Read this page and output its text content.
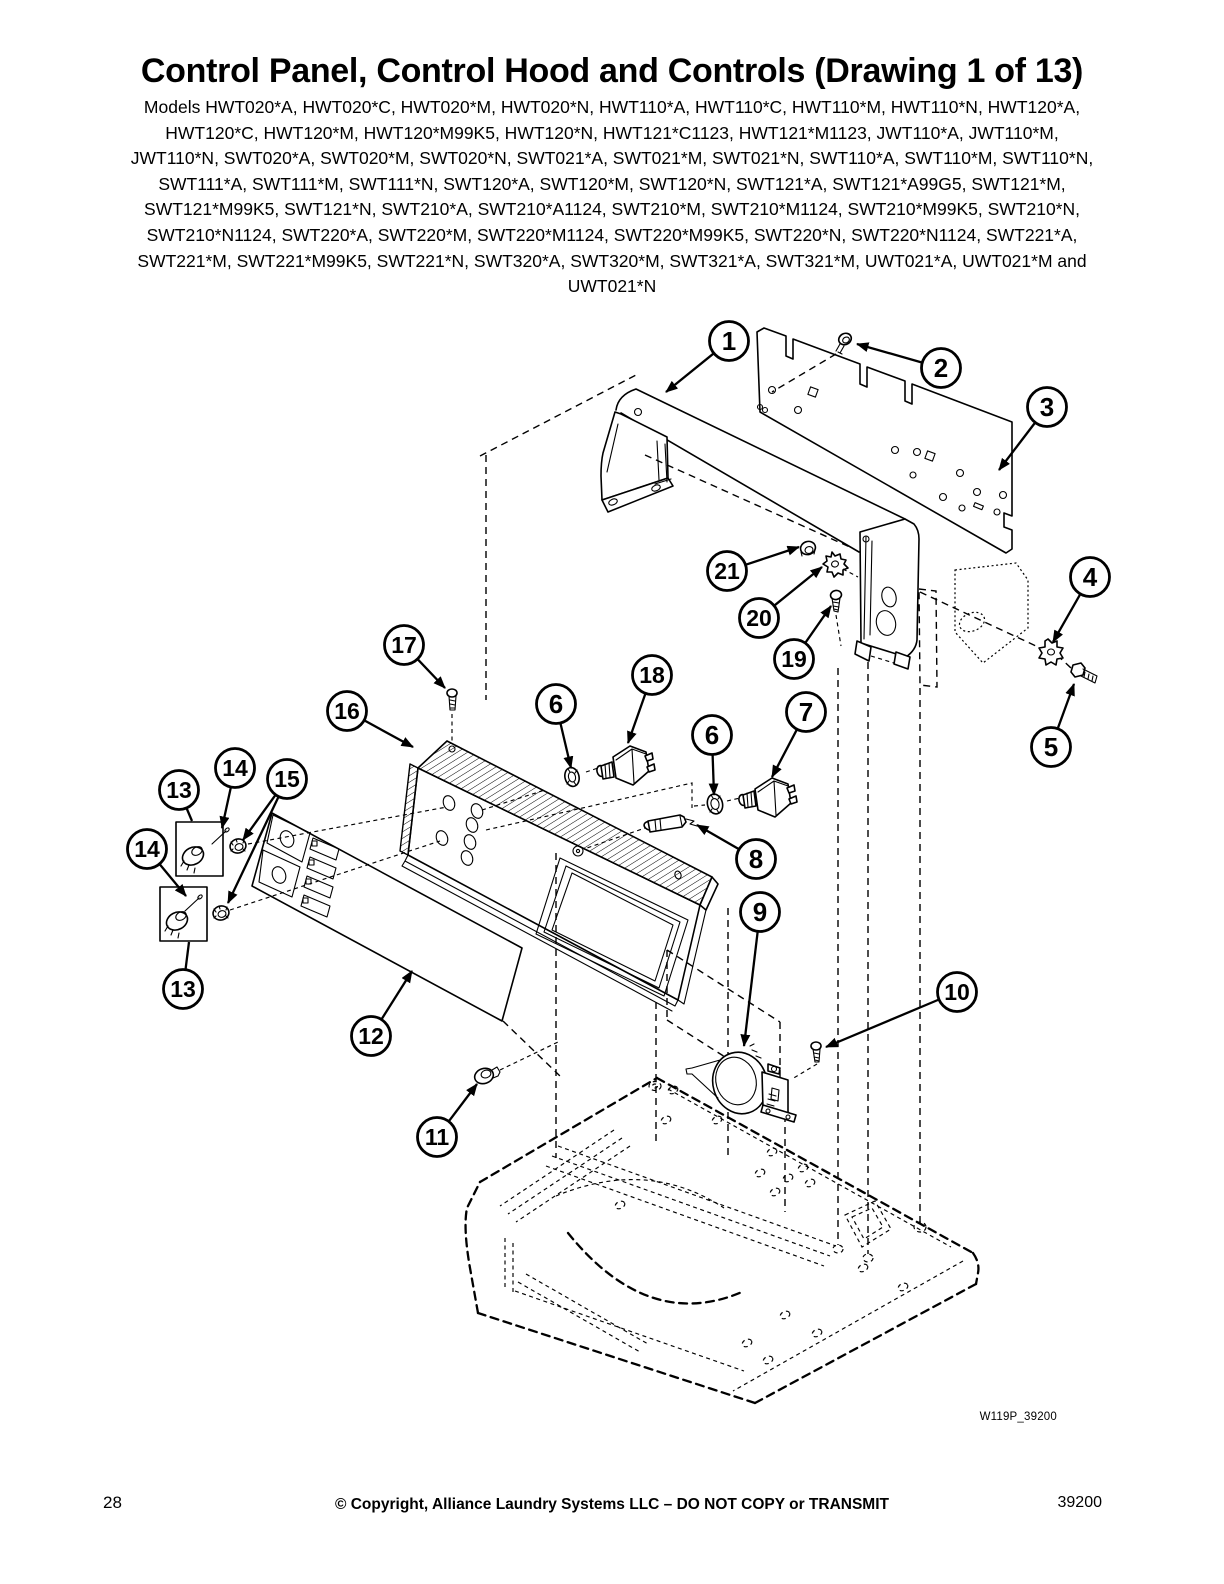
Control Panel, Control Hood and Controls (Drawing 1 of 13)
Models HWT020*A, HWT020*C, HWT020*M, HWT020*N, HWT110*A, HWT110*C, HWT110*M, HWT110*N, HWT120*A,
HWT120*C, HWT120*M, HWT120*M99K5, HWT120*N, HWT121*C1123, HWT121*M1123, JWT110*A, JWT110*M,
JWT110*N, SWT020*A, SWT020*M, SWT020*N, SWT021*A, SWT021*M, SWT021*N, SWT110*A, SWT110*M, SWT110*N,
SWT111*A, SWT111*M, SWT111*N, SWT120*A, SWT120*M, SWT120*N, SWT121*A, SWT121*A99G5, SWT121*M,
SWT121*M99K5, SWT121*N, SWT210*A, SWT210*A1124, SWT210*M, SWT210*M1124, SWT210*M99K5, SWT210*N,
SWT210*N1124, SWT220*A, SWT220*M, SWT220*M1124, SWT220*M99K5, SWT220*N, SWT220*N1124, SWT221*A,
SWT221*M, SWT221*M99K5, SWT221*N, SWT320*A, SWT320*M, SWT321*A, SWT321*M, UWT021*A, UWT021*M and
UWT021*N
1
2
3
4
5
6
18
6
7
8
9
10
11
12
13
13
14
14
15
16
17
19
20
21
W119P_39200
28	© Copyright, Alliance Laundry Systems LLC – DO NOT COPY or TRANSMIT	39200
